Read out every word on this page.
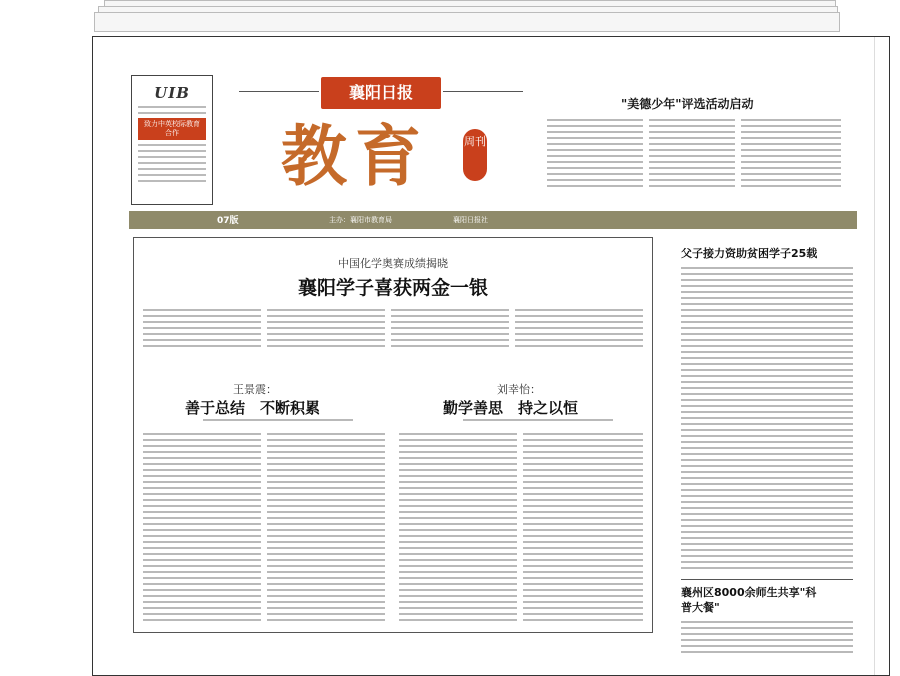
UIB
致力中英校际教育合作
襄阳日报
教育	周刊
"美德少年"评选活动启动
07版	主办：襄阳市教育局	襄阳日报社
中国化学奥赛成绩揭晓
襄阳学子喜获两金一银
王景震：
善于总结　不断积累
刘幸怡：
勤学善思　持之以恒
父子接力资助贫困学子25载
襄州区8000余师生共享"科普大餐"
